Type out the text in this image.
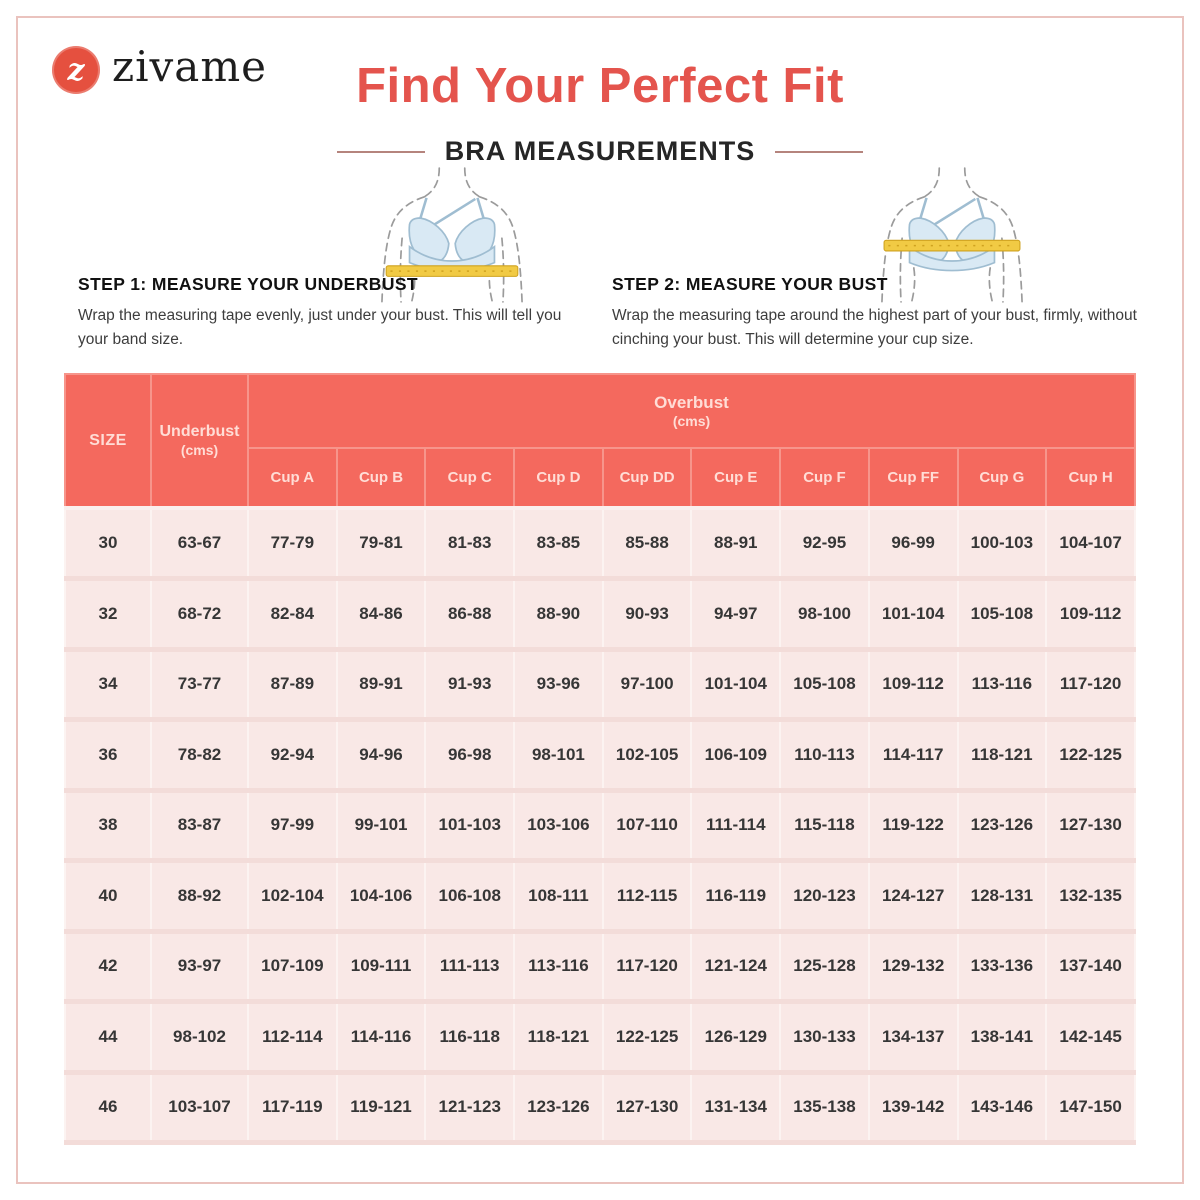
z zivame	Find Your Perfect Fit
BRA MEASUREMENTS
STEP 1: MEASURE YOUR UNDERBUST
Wrap the measuring tape evenly, just under your bust. This will tell you your band size.
STEP 2: MEASURE YOUR BUST
Wrap the measuring tape around the highest part of your bust, firmly, without cinching your bust. This will determine your cup size.
SIZE	
Underbust
(cms)

Overbust
(cms)

		Cup A	Cup B	Cup C	Cup D	Cup DD	Cup E	Cup F	Cup FF	Cup G	Cup H
30	63-67	77-79	79-81	81-83	83-85	85-88	88-91	92-95	96-99	100-103	104-107
32	68-72	82-84	84-86	86-88	88-90	90-93	94-97	98-100	101-104	105-108	109-112
34	73-77	87-89	89-91	91-93	93-96	97-100	101-104	105-108	109-112	113-116	117-120
36	78-82	92-94	94-96	96-98	98-101	102-105	106-109	110-113	114-117	118-121	122-125
38	83-87	97-99	99-101	101-103	103-106	107-110	111-114	115-118	119-122	123-126	127-130
40	88-92	102-104	104-106	106-108	108-111	112-115	116-119	120-123	124-127	128-131	132-135
42	93-97	107-109	109-111	111-113	113-116	117-120	121-124	125-128	129-132	133-136	137-140
44	98-102	112-114	114-116	116-118	118-121	122-125	126-129	130-133	134-137	138-141	142-145
46	103-107	117-119	119-121	121-123	123-126	127-130	131-134	135-138	139-142	143-146	147-150
